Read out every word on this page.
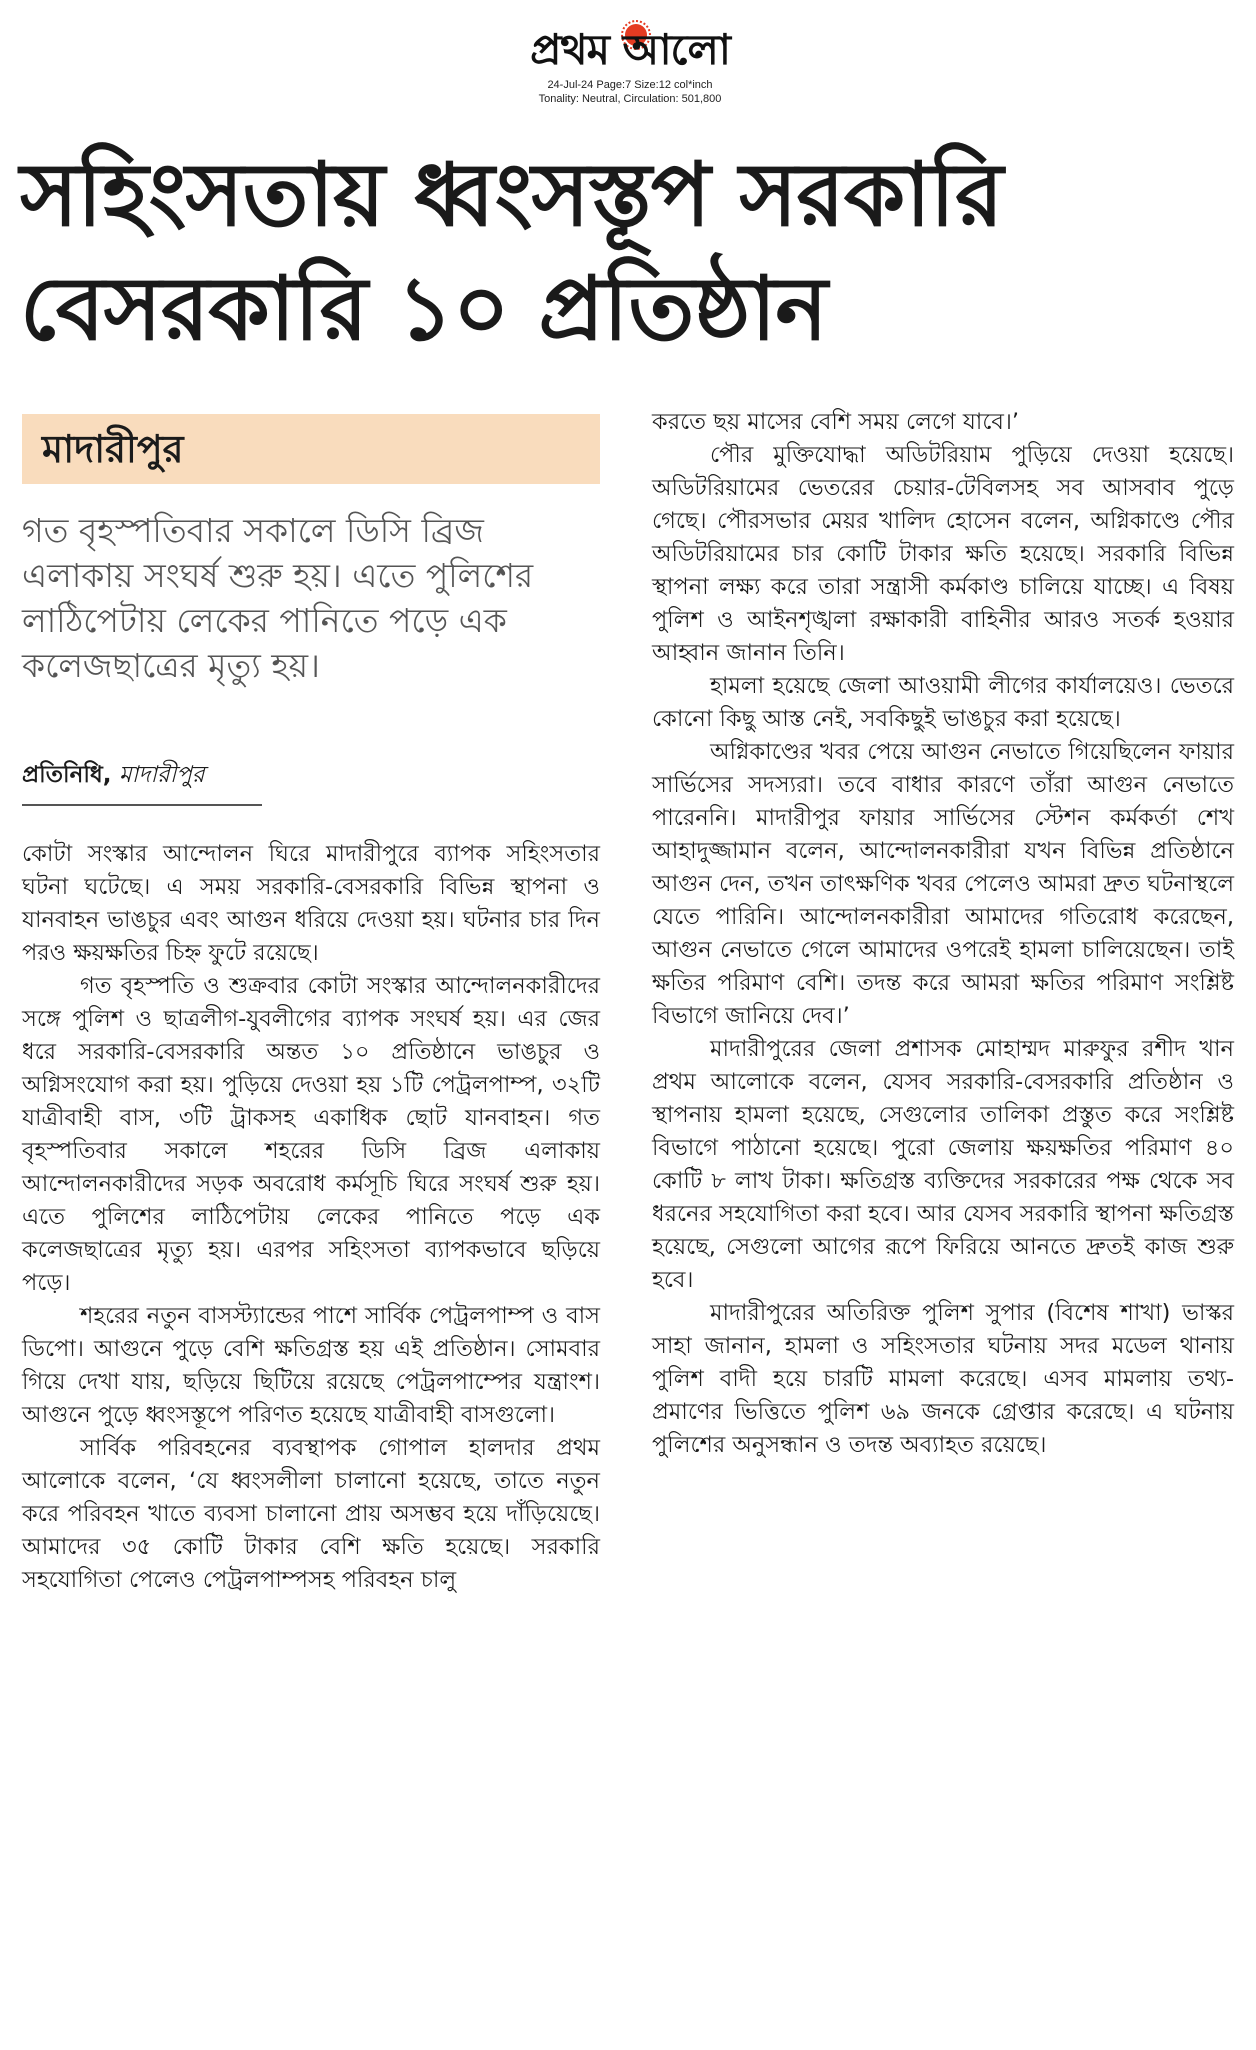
প্রথম আলো
24-Jul-24 Page:7 Size:12 col*inch
Tonality: Neutral, Circulation: 501,800
সহিংসতায় ধ্বংসস্তূপ সরকারি
বেসরকারি ১০ প্রতিষ্ঠান
মাদারীপুর
গত বৃহস্পতিবার সকালে ডিসি ব্রিজ এলাকায় সংঘর্ষ শুরু হয়। এতে পুলিশের লাঠিপেটায় লেকের পানিতে পড়ে এক কলেজছাত্রের মৃত্যু হয়।
প্রতিনিধি, মাদারীপুর

কোটা সংস্কার আন্দোলন ঘিরে মাদারীপুরে ব্যাপক সহিংসতার ঘটনা ঘটেছে। এ সময় সরকারি-বেসরকারি বিভিন্ন স্থাপনা ও যানবাহন ভাঙচুর এবং আগুন ধরিয়ে দেওয়া হয়। ঘটনার চার দিন পরও ক্ষয়ক্ষতির চিহ্ন ফুটে রয়েছে।

গত বৃহস্পতি ও শুক্রবার কোটা সংস্কার আন্দোলনকারীদের সঙ্গে পুলিশ ও ছাত্রলীগ-যুবলীগের ব্যাপক সংঘর্ষ হয়। এর জের ধরে সরকারি-বেসরকারি অন্তত ১০ প্রতিষ্ঠানে ভাঙচুর ও অগ্নিসংযোগ করা হয়। পুড়িয়ে দেওয়া হয় ১টি পেট্রলপাম্প, ৩২টি যাত্রীবাহী বাস, ৩টি ট্রাকসহ একাধিক ছোট যানবাহন। গত বৃহস্পতিবার সকালে শহরের ডিসি ব্রিজ এলাকায় আন্দোলনকারীদের সড়ক অবরোধ কর্মসূচি ঘিরে সংঘর্ষ শুরু হয়। এতে পুলিশের লাঠিপেটায় লেকের পানিতে পড়ে এক কলেজছাত্রের মৃত্যু হয়। এরপর সহিংসতা ব্যাপকভাবে ছড়িয়ে পড়ে।

শহরের নতুন বাসস্ট্যান্ডের পাশে সার্বিক পেট্রলপাম্প ও বাস ডিপো। আগুনে পুড়ে বেশি ক্ষতিগ্রস্ত হয় এই প্রতিষ্ঠান। সোমবার গিয়ে দেখা যায়, ছড়িয়ে ছিটিয়ে রয়েছে পেট্রলপাম্পের যন্ত্রাংশ। আগুনে পুড়ে ধ্বংসস্তূপে পরিণত হয়েছে যাত্রীবাহী বাসগুলো।

সার্বিক পরিবহনের ব্যবস্থাপক গোপাল হালদার প্রথম আলোকে বলেন, ‘যে ধ্বংসলীলা চালানো হয়েছে, তাতে নতুন করে পরিবহন খাতে ব্যবসা চালানো প্রায় অসম্ভব হয়ে দাঁড়িয়েছে। আমাদের ৩৫ কোটি টাকার বেশি ক্ষতি হয়েছে। সরকারি সহযোগিতা পেলেও পেট্রলপাম্পসহ পরিবহন চালু

করতে ছয় মাসের বেশি সময় লেগে যাবে।’

পৌর মুক্তিযোদ্ধা অডিটরিয়াম পুড়িয়ে দেওয়া হয়েছে। অডিটরিয়ামের ভেতরের চেয়ার-টেবিলসহ সব আসবাব পুড়ে গেছে। পৌরসভার মেয়র খালিদ হোসেন বলেন, অগ্নিকাণ্ডে পৌর অডিটরিয়ামের চার কোটি টাকার ক্ষতি হয়েছে। সরকারি বিভিন্ন স্থাপনা লক্ষ্য করে তারা সন্ত্রাসী কর্মকাণ্ড চালিয়ে যাচ্ছে। এ বিষয় পুলিশ ও আইনশৃঙ্খলা রক্ষাকারী বাহিনীর আরও সতর্ক হওয়ার আহ্বান জানান তিনি।

হামলা হয়েছে জেলা আওয়ামী লীগের কার্যালয়েও। ভেতরে কোনো কিছু আস্ত নেই, সবকিছুই ভাঙচুর করা হয়েছে।

অগ্নিকাণ্ডের খবর পেয়ে আগুন নেভাতে গিয়েছিলেন ফায়ার সার্ভিসের সদস্যরা। তবে বাধার কারণে তাঁরা আগুন নেভাতে পারেননি। মাদারীপুর ফায়ার সার্ভিসের স্টেশন কর্মকর্তা শেখ আহাদুজ্জামান বলেন, আন্দোলনকারীরা যখন বিভিন্ন প্রতিষ্ঠানে আগুন দেন, তখন তাৎক্ষণিক খবর পেলেও আমরা দ্রুত ঘটনাস্থলে যেতে পারিনি। আন্দোলনকারীরা আমাদের গতিরোধ করেছেন, আগুন নেভাতে গেলে আমাদের ওপরেই হামলা চালিয়েছেন। তাই ক্ষতির পরিমাণ বেশি। তদন্ত করে আমরা ক্ষতির পরিমাণ সংশ্লিষ্ট বিভাগে জানিয়ে দেব।’

মাদারীপুরের জেলা প্রশাসক মোহাম্মদ মারুফুর রশীদ খান প্রথম আলোকে বলেন, যেসব সরকারি-বেসরকারি প্রতিষ্ঠান ও স্থাপনায় হামলা হয়েছে, সেগুলোর তালিকা প্রস্তুত করে সংশ্লিষ্ট বিভাগে পাঠানো হয়েছে। পুরো জেলায় ক্ষয়ক্ষতির পরিমাণ ৪০ কোটি ৮ লাখ টাকা। ক্ষতিগ্রস্ত ব্যক্তিদের সরকারের পক্ষ থেকে সব ধরনের সহযোগিতা করা হবে। আর যেসব সরকারি স্থাপনা ক্ষতিগ্রস্ত হয়েছে, সেগুলো আগের রূপে ফিরিয়ে আনতে দ্রুতই কাজ শুরু হবে।

মাদারীপুরের অতিরিক্ত পুলিশ সুপার (বিশেষ শাখা) ভাস্কর সাহা জানান, হামলা ও সহিংসতার ঘটনায় সদর মডেল থানায় পুলিশ বাদী হয়ে চারটি মামলা করেছে। এসব মামলায় তথ্য-প্রমাণের ভিত্তিতে পুলিশ ৬৯ জনকে গ্রেপ্তার করেছে। এ ঘটনায় পুলিশের অনুসন্ধান ও তদন্ত অব্যাহত রয়েছে।
